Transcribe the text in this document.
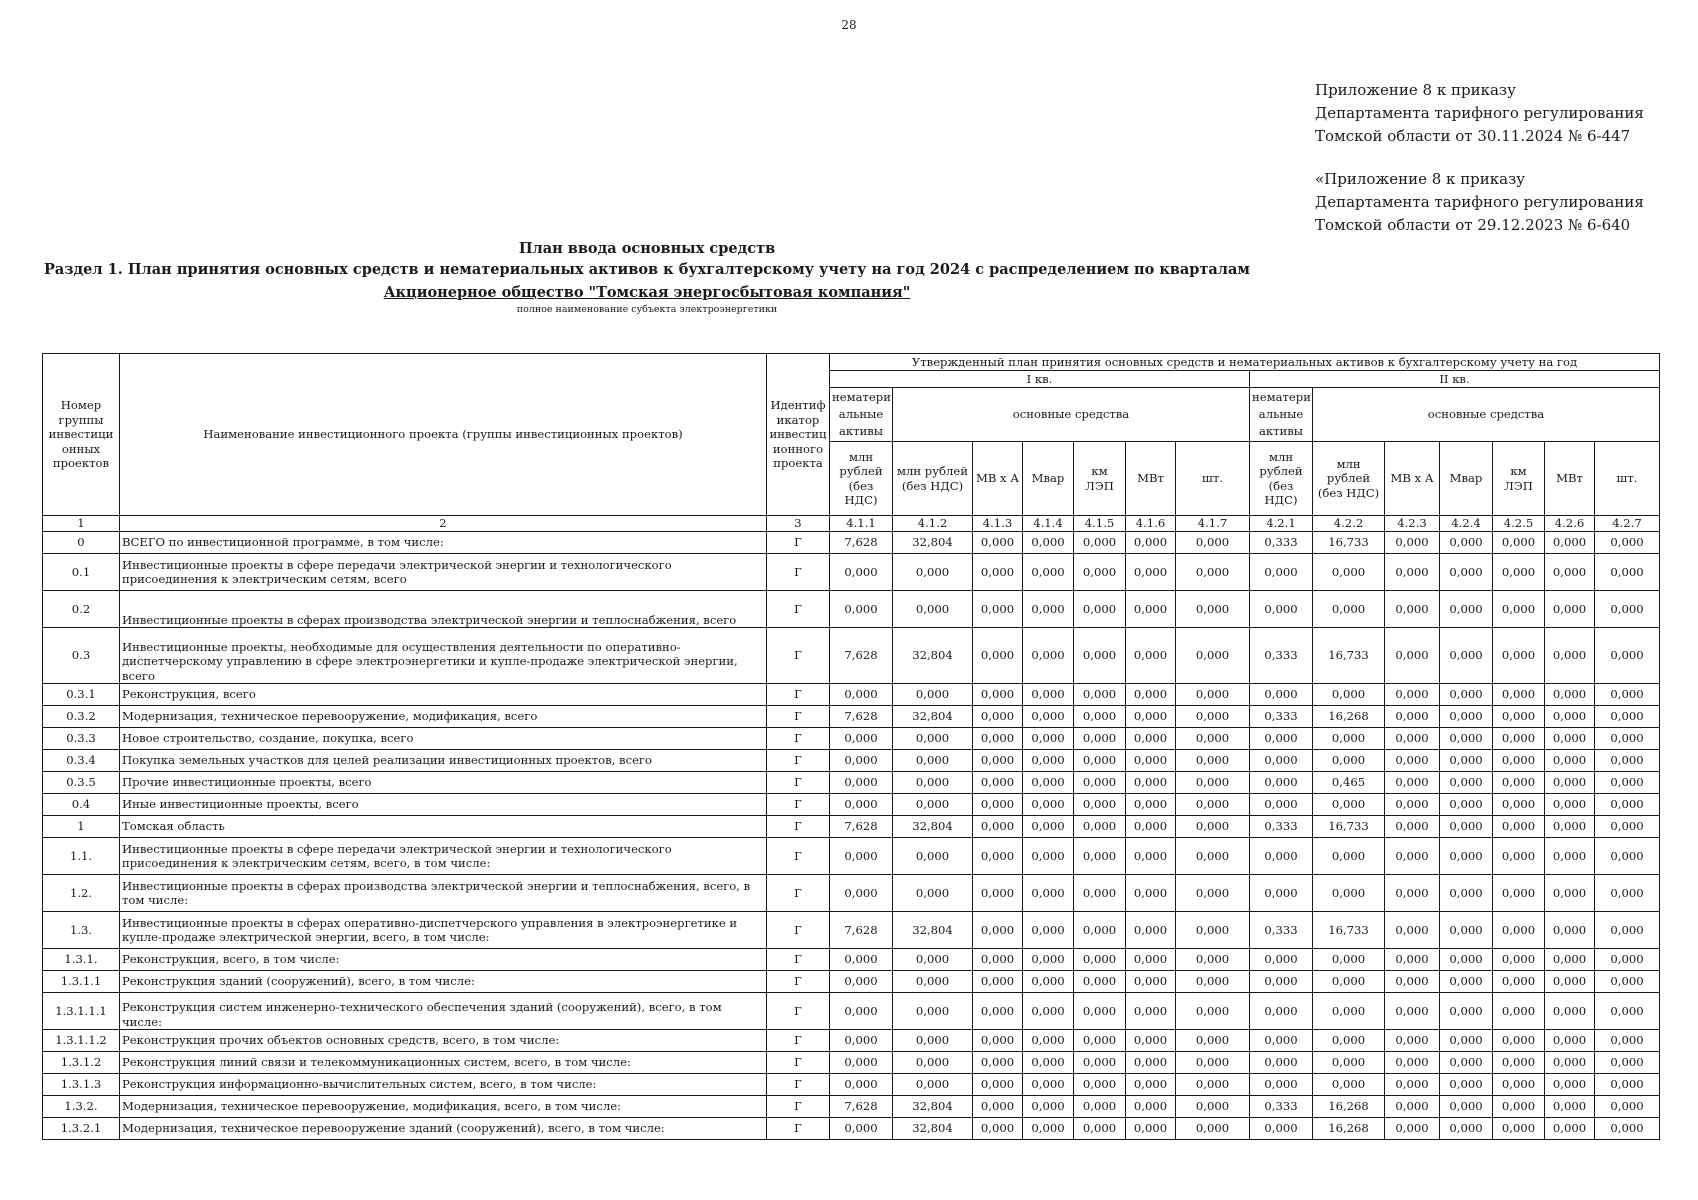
28
Приложение 8 к приказу
Департамента тарифного регулирования
Томской области от 30.11.2024 № 6-447
«Приложение 8 к приказу
Департамента тарифного регулирования
Томской области от 29.12.2023 № 6-640
План ввода основных средств
Раздел 1. План принятия основных средств и нематериальных активов к бухгалтерскому учету на год 2024 с распределением по кварталам
Акционерное общество "Томская энергосбытовая компания"
полное наименование субъекта электроэнергетики
Номер группы инвестици онных проектов	Наименование инвестиционного проекта (группы инвестиционных проектов)	Идентиф икатор инвестиц ионного проекта	Утвержденный план принятия основных средств и нематериальных активов к бухгалтерскому учету на год													
			I кв.							II кв.						
			нематери альные активы	основные средства						нематери альные активы	основные средства					
			млн рублей (без НДС)	млн рублей (без НДС)	МВ х А	Мвар	км ЛЭП	МВт	шт.	млн рублей (без НДС)	млн рублей (без НДС)	МВ х А	Мвар	км ЛЭП	МВт	шт.
1	2	3	4.1.1	4.1.2	4.1.3	4.1.4	4.1.5	4.1.6	4.1.7	4.2.1	4.2.2	4.2.3	4.2.4	4.2.5	4.2.6	4.2.7
0	ВСЕГО по инвестиционной программе, в том числе:	Г	7,628	32,804	0,000	0,000	0,000	0,000	0,000	0,333	16,733	0,000	0,000	0,000	0,000	0,000
0.1	Инвестиционные проекты в сфере передачи электрической энергии и технологического присоединения к электрическим сетям, всего	Г	0,000	0,000	0,000	0,000	0,000	0,000	0,000	0,000	0,000	0,000	0,000	0,000	0,000	0,000
0.2	Инвестиционные проекты в сферах производства электрической энергии и теплоснабжения, всего	Г	0,000	0,000	0,000	0,000	0,000	0,000	0,000	0,000	0,000	0,000	0,000	0,000	0,000	0,000
0.3	Инвестиционные проекты, необходимые для осуществления деятельности по оперативно-диспетчерскому управлению в сфере электроэнергетики и купле-продаже электрической энергии, всего	Г	7,628	32,804	0,000	0,000	0,000	0,000	0,000	0,333	16,733	0,000	0,000	0,000	0,000	0,000
0.3.1	Реконструкция, всего	Г	0,000	0,000	0,000	0,000	0,000	0,000	0,000	0,000	0,000	0,000	0,000	0,000	0,000	0,000
0.3.2	Модернизация, техническое перевооружение, модификация, всего	Г	7,628	32,804	0,000	0,000	0,000	0,000	0,000	0,333	16,268	0,000	0,000	0,000	0,000	0,000
0.3.3	Новое строительство, создание, покупка, всего	Г	0,000	0,000	0,000	0,000	0,000	0,000	0,000	0,000	0,000	0,000	0,000	0,000	0,000	0,000
0.3.4	Покупка земельных участков для целей реализации инвестиционных проектов, всего	Г	0,000	0,000	0,000	0,000	0,000	0,000	0,000	0,000	0,000	0,000	0,000	0,000	0,000	0,000
0.3.5	Прочие инвестиционные проекты, всего	Г	0,000	0,000	0,000	0,000	0,000	0,000	0,000	0,000	0,465	0,000	0,000	0,000	0,000	0,000
0.4	Иные инвестиционные проекты, всего	Г	0,000	0,000	0,000	0,000	0,000	0,000	0,000	0,000	0,000	0,000	0,000	0,000	0,000	0,000
1	Томская область	Г	7,628	32,804	0,000	0,000	0,000	0,000	0,000	0,333	16,733	0,000	0,000	0,000	0,000	0,000
1.1.	Инвестиционные проекты в сфере передачи электрической энергии и технологического присоединения к электрическим сетям, всего, в том числе:	Г	0,000	0,000	0,000	0,000	0,000	0,000	0,000	0,000	0,000	0,000	0,000	0,000	0,000	0,000
1.2.	Инвестиционные проекты в сферах производства электрической энергии и теплоснабжения, всего, в том числе:	Г	0,000	0,000	0,000	0,000	0,000	0,000	0,000	0,000	0,000	0,000	0,000	0,000	0,000	0,000
1.3.	Инвестиционные проекты в сферах оперативно-диспетчерского управления в электроэнергетике и купле-продаже электрической энергии, всего, в том числе:	Г	7,628	32,804	0,000	0,000	0,000	0,000	0,000	0,333	16,733	0,000	0,000	0,000	0,000	0,000
1.3.1.	Реконструкция, всего, в том числе:	Г	0,000	0,000	0,000	0,000	0,000	0,000	0,000	0,000	0,000	0,000	0,000	0,000	0,000	0,000
1.3.1.1	Реконструкция зданий (сооружений), всего, в том числе:	Г	0,000	0,000	0,000	0,000	0,000	0,000	0,000	0,000	0,000	0,000	0,000	0,000	0,000	0,000
1.3.1.1.1	Реконструкция систем инженерно-технического обеспечения зданий (сооружений), всего, в том числе:	Г	0,000	0,000	0,000	0,000	0,000	0,000	0,000	0,000	0,000	0,000	0,000	0,000	0,000	0,000
1.3.1.1.2	Реконструкция прочих объектов основных средств, всего, в том числе:	Г	0,000	0,000	0,000	0,000	0,000	0,000	0,000	0,000	0,000	0,000	0,000	0,000	0,000	0,000
1.3.1.2	Реконструкция линий связи и телекоммуникационных систем, всего, в том числе:	Г	0,000	0,000	0,000	0,000	0,000	0,000	0,000	0,000	0,000	0,000	0,000	0,000	0,000	0,000
1.3.1.3	Реконструкция информационно-вычислительных систем, всего, в том числе:	Г	0,000	0,000	0,000	0,000	0,000	0,000	0,000	0,000	0,000	0,000	0,000	0,000	0,000	0,000
1.3.2.	Модернизация, техническое перевооружение, модификация, всего, в том числе:	Г	7,628	32,804	0,000	0,000	0,000	0,000	0,000	0,333	16,268	0,000	0,000	0,000	0,000	0,000
1.3.2.1	Модернизация, техническое перевооружение зданий (сооружений), всего, в том числе:	Г	0,000	32,804	0,000	0,000	0,000	0,000	0,000	0,000	16,268	0,000	0,000	0,000	0,000	0,000
